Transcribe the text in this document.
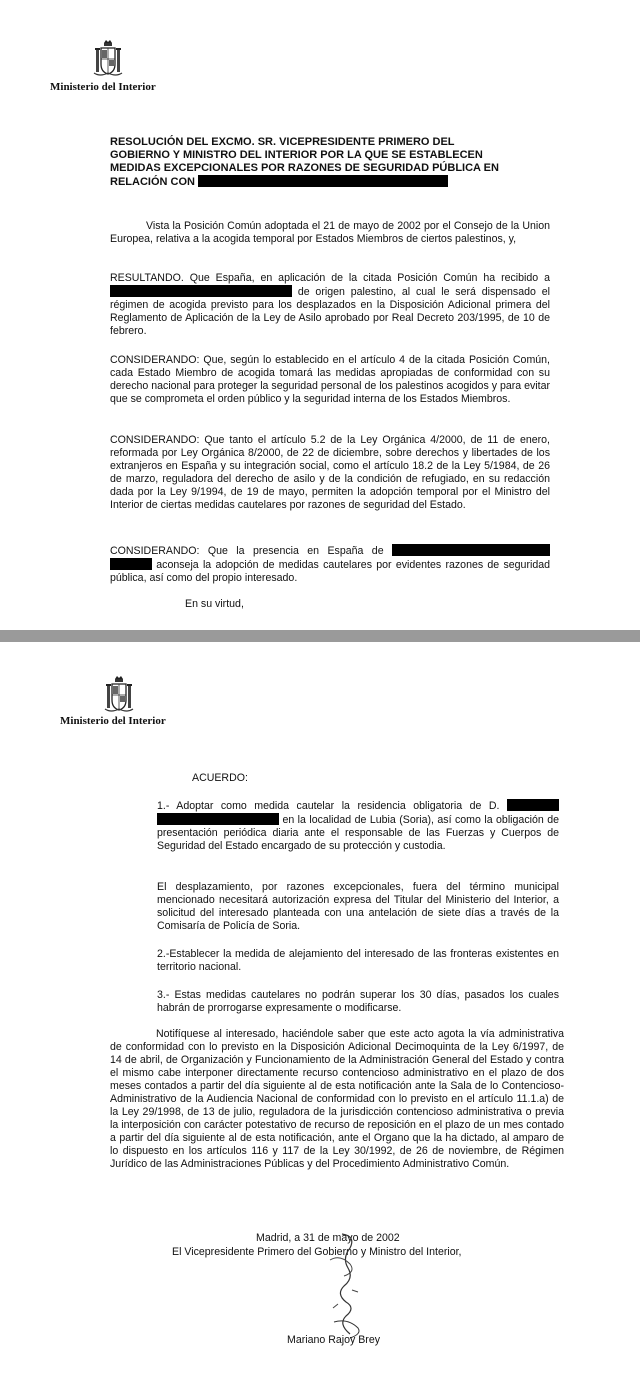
Ministerio del Interior
RESOLUCIÓN DEL EXCMO. SR. VICEPRESIDENTE PRIMERO DEL
GOBIERNO Y MINISTRO DEL INTERIOR POR LA QUE SE ESTABLECEN
MEDIDAS EXCEPCIONALES POR RAZONES DE SEGURIDAD PÚBLICA EN
RELACIÓN CON

Vista la Posición Común adoptada el 21 de mayo de 2002 por el Consejo de la Union Europea, relativa a la acogida temporal por Estados Miembros de ciertos palestinos, y,

RESULTANDO. Que España, en aplicación de la citada Posición Común ha recibido a  de origen palestino, al cual le será dispensado el régimen de acogida previsto para los desplazados en la Disposición Adicional primera del Reglamento de Aplicación de la Ley de Asilo aprobado por Real Decreto 203/1995, de 10 de febrero.

CONSIDERANDO: Que, según lo establecido en el artículo 4 de la citada Posición Común, cada Estado Miembro de acogida tomará las medidas apropiadas de conformidad con su derecho nacional para proteger la seguridad personal de los palestinos acogidos y para evitar que se comprometa el orden público y la seguridad interna de los Estados Miembros.

CONSIDERANDO: Que tanto el artículo 5.2 de la Ley Orgánica 4/2000, de 11 de enero, reformada por Ley Orgánica 8/2000, de 22 de diciembre, sobre derechos y libertades de los extranjeros en España y su integración social, como el artículo 18.2 de la Ley 5/1984, de 26 de marzo, reguladora del derecho de asilo y de la condición de refugiado, en su redacción dada por la Ley 9/1994, de 19 de mayo, permiten la adopción temporal por el Ministro del Interior de ciertas medidas cautelares por razones de seguridad del Estado.

CONSIDERANDO: Que la presencia en España de   aconseja la adopción de medidas cautelares por evidentes razones de seguridad pública, así como del propio interesado.

En su virtud,
Ministerio del Interior
ACUERDO:

1.- Adoptar como medida cautelar la residencia obligatoria de D.   en la localidad de Lubia (Soria), así como la obligación de presentación periódica diaria ante el responsable de las Fuerzas y Cuerpos de Seguridad del Estado encargado de su protección y custodia.

El desplazamiento, por razones excepcionales, fuera del término municipal mencionado necesitará autorización expresa del Titular del Ministerio del Interior, a solicitud del interesado planteada con una antelación de siete días a través de la Comisaría de Policía de Soria.

2.-Establecer la medida de alejamiento del interesado de las fronteras existentes en territorio nacional.

3.- Estas medidas cautelares no podrán superar los 30 días, pasados los cuales habrán de prorrogarse expresamente o modificarse.

Notifíquese al interesado, haciéndole saber que este acto agota la vía administrativa de conformidad con lo previsto en la Disposición Adicional Decimoquinta de la Ley 6/1997, de 14 de abril, de Organización y Funcionamiento de la Administración General del Estado y contra el mismo cabe interponer directamente recurso contencioso administrativo en el plazo de dos meses contados a partir del día siguiente al de esta notificación ante la Sala de lo Contencioso-Administrativo de la Audiencia Nacional de conformidad con lo previsto en el artículo 11.1.a) de la Ley 29/1998, de 13 de julio, reguladora de la jurisdicción contencioso administrativa o previa la interposición con carácter potestativo de recurso de reposición en el plazo de un mes contado a partir del día siguiente al de esta notificación, ante el Organo que la ha dictado, al amparo de lo dispuesto en los artículos 116 y 117 de la Ley 30/1992, de 26 de noviembre, de Régimen Jurídico de las Administraciones Públicas y del Procedimiento Administrativo Común.

Madrid, a 31 de mayo de 2002
El Vicepresidente Primero del Gobierno y Ministro del Interior,
Mariano Rajoy Brey
